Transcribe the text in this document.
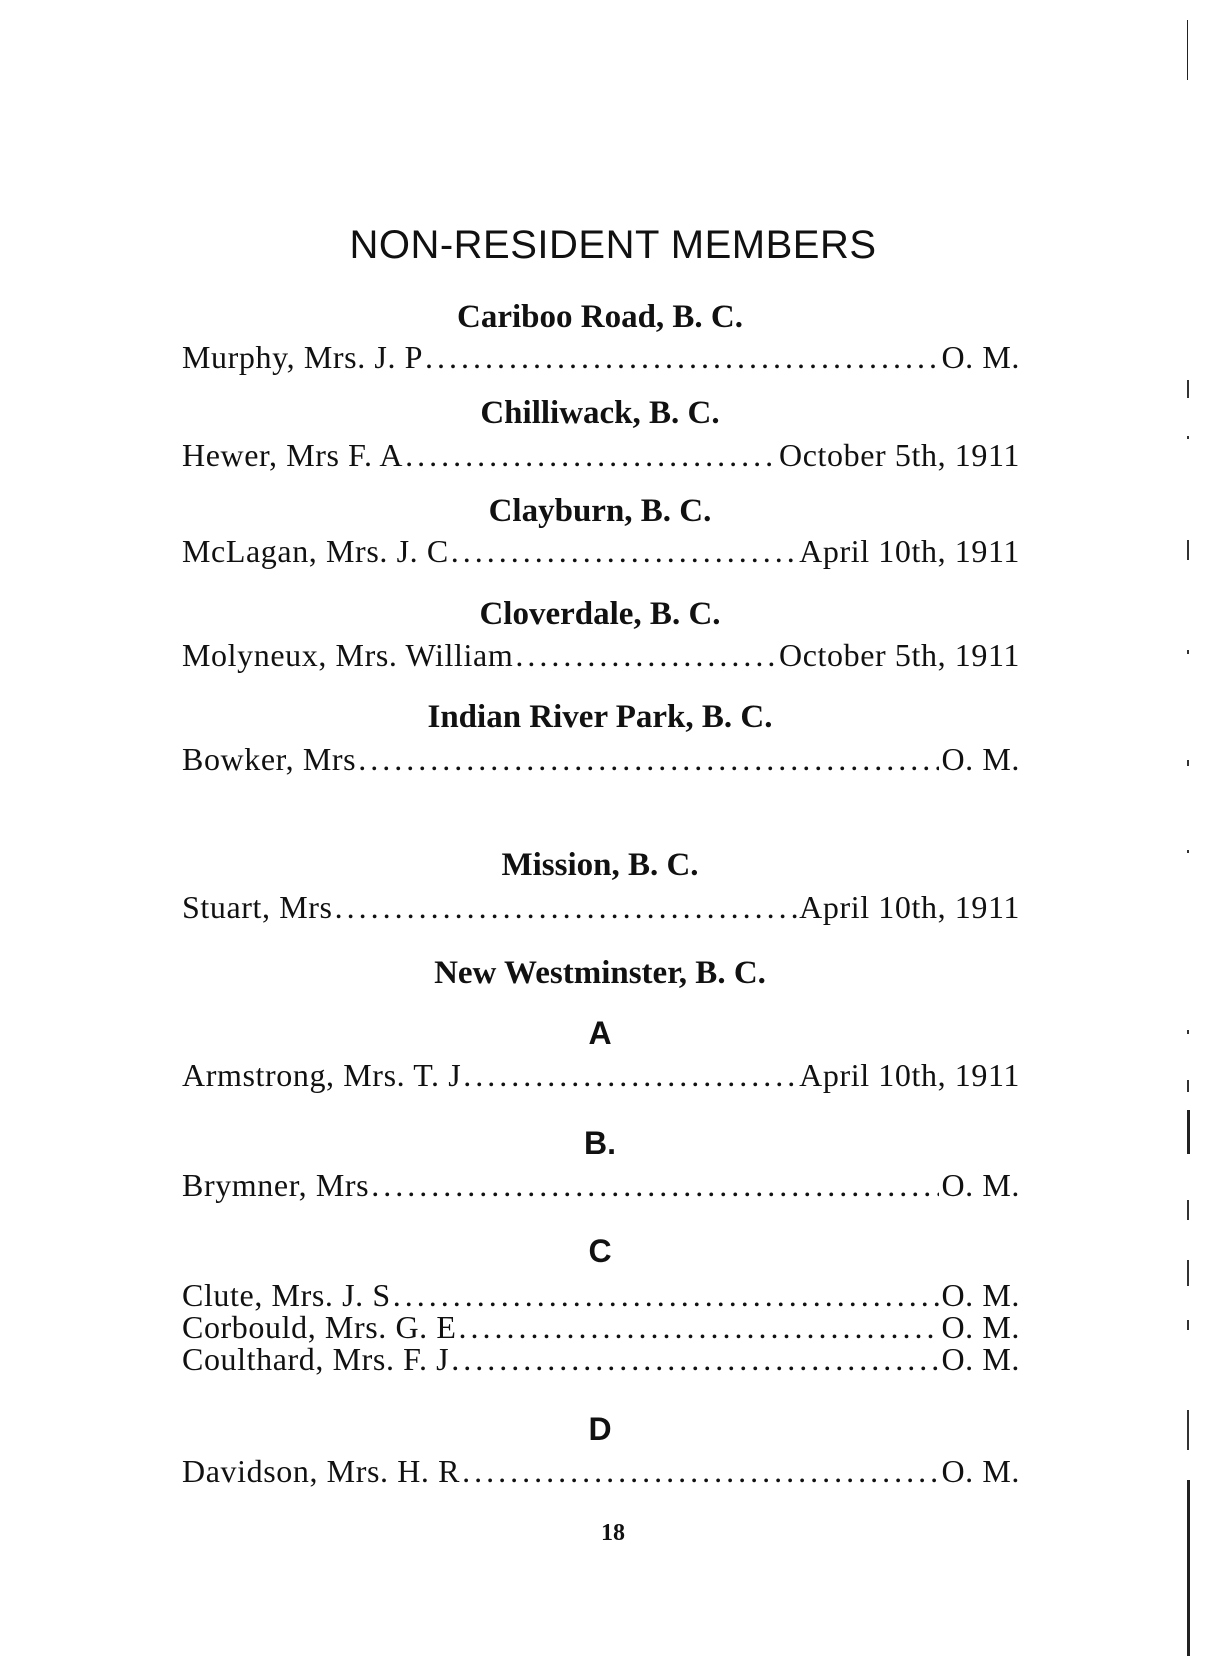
NON-RESIDENT MEMBERS
Cariboo Road, B. C.
Murphy, Mrs. J. P .....	O. M.
Chilliwack, B. C.
Hewer, Mrs F. A .....	October 5th, 1911
Clayburn, B. C.
McLagan, Mrs. J. C .....	April 10th, 1911
Cloverdale, B. C.
Molyneux, Mrs. William .....	October 5th, 1911
Indian River Park, B. C.
Bowker, Mrs .....	O. M.
Mission, B. C.
Stuart, Mrs .....	April 10th, 1911
New Westminster, B. C.
A
Armstrong, Mrs. T. J .....	April 10th, 1911
B.
Brymner, Mrs .....	O. M.
C
Clute, Mrs. J. S .....	O. M.
Corbould, Mrs. G. E .....	O. M.
Coulthard, Mrs. F. J .....	O. M.
D
Davidson, Mrs. H. R .....	O. M.
18
